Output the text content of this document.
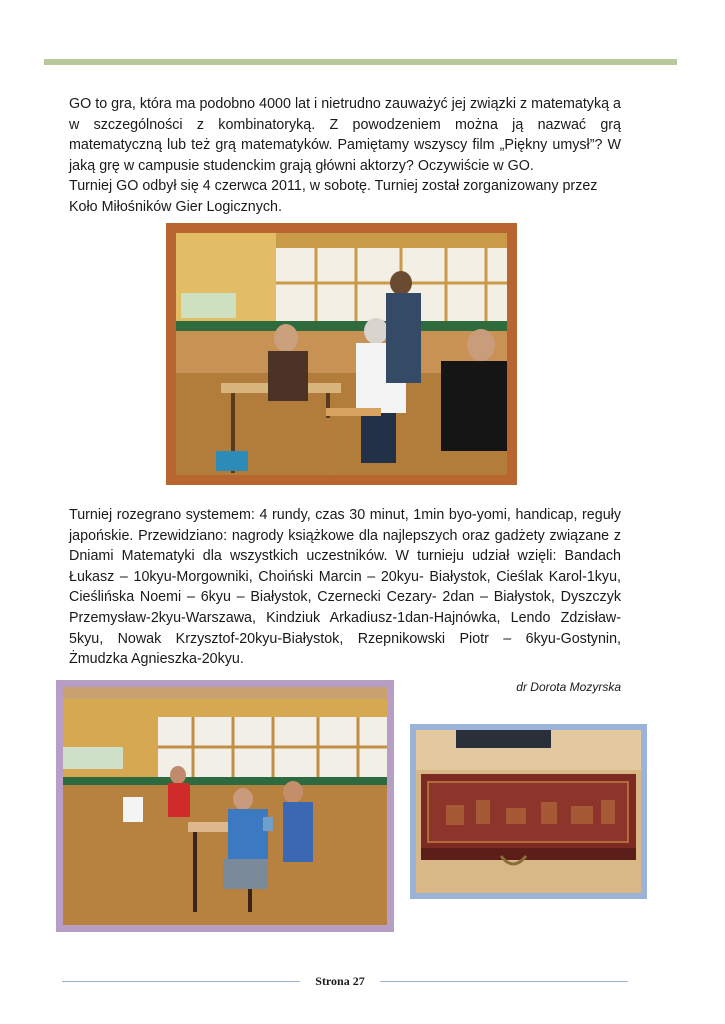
GO to gra, która ma podobno 4000 lat i nietrudno zauważyć jej związki z matematyką a w szczególności z kombinatoryką. Z powodzeniem można ją nazwać grą matematyczną lub też grą matematyków. Pamiętamy wszyscy film „Piękny umysł”? W jaką grę w campusie studenckim grają główni aktorzy? Oczywiście w GO.

Turniej GO odbył się 4 czerwca 2011, w sobotę. Turniej został zorganizowany przez Koło Miłośników Gier Logicznych.

Turniej rozegrano systemem: 4 rundy, czas 30 minut, 1min byo-yomi, handicap, reguły japońskie. Przewidziano: nagrody książkowe dla najlepszych oraz gadżety związane z Dniami Matematyki dla wszystkich uczestników. W turnieju udział wzięli: Bandach Łukasz – 10kyu-Morgowniki, Choiński Marcin – 20kyu- Białystok, Cieślak Karol-1kyu, Cieślińska Noemi – 6kyu – Białystok, Czernecki Cezary- 2dan – Białystok, Dyszczyk Przemysław-2kyu-Warszawa, Kindziuk Arkadiusz-1dan-Hajnówka, Lendo Zdzisław-5kyu, Nowak Krzysztof-20kyu-Białystok, Rzepnikowski Piotr – 6kyu-Gostynin, Żmudzka Agnieszka-20kyu.
dr Dorota Mozyrska
Strona 27
